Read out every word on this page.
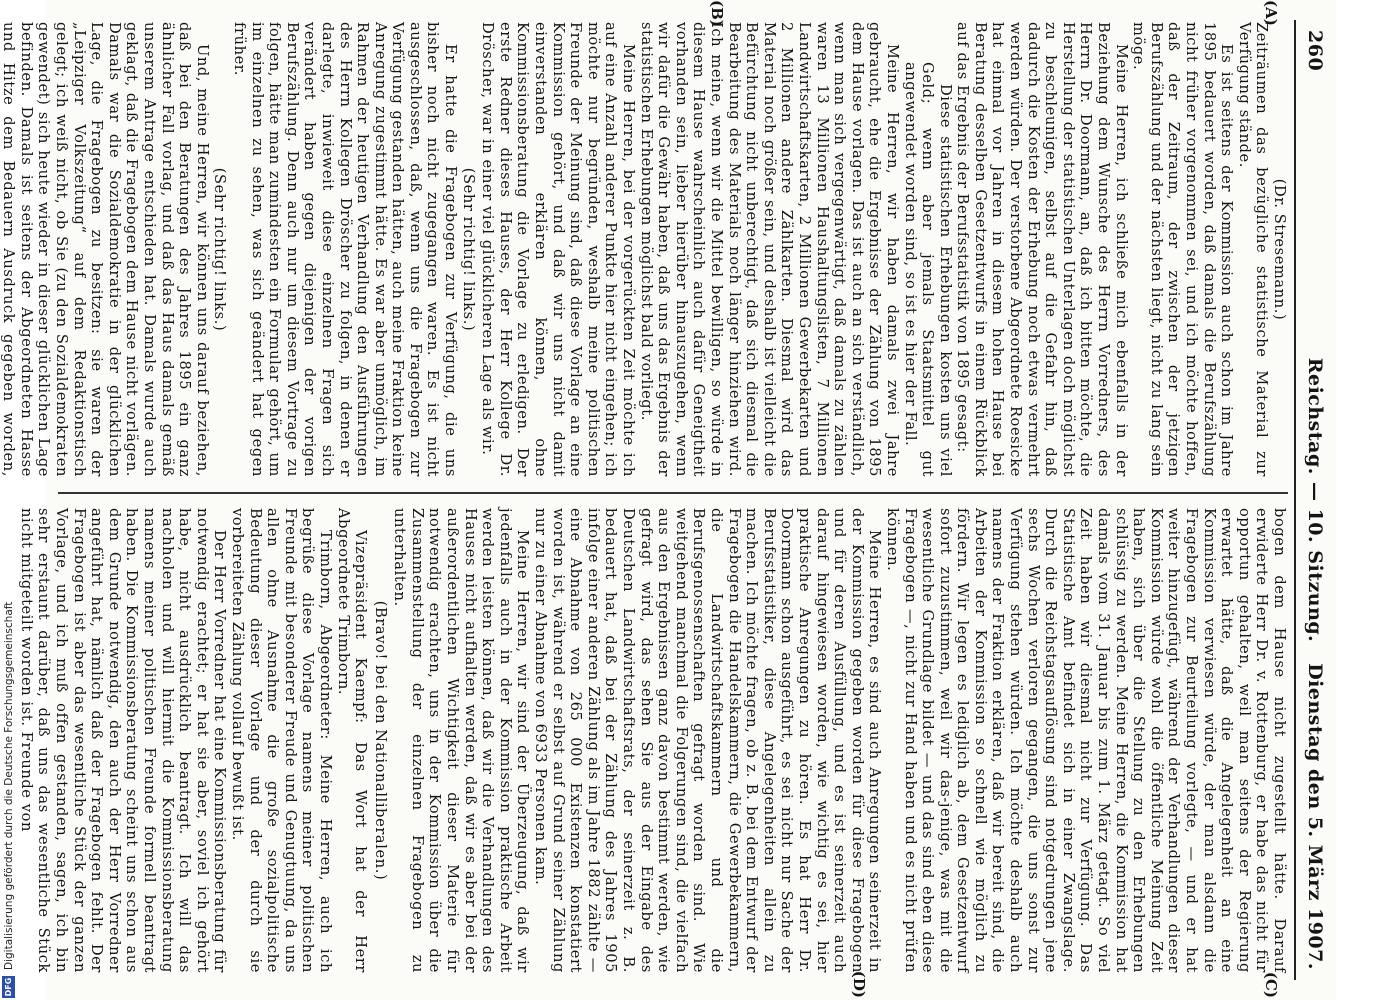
260
Reichstag. — 10. Sitzung.
Dienstag den 5. März 1907.
(A)
(B)
(C)
(D)

(Dr. Stresemann.)

Zeiträumen das bezügliche statistische Material zur Verfügung stände.

Es ist seitens der Kommission auch schon im Jahre 1895 bedauert worden, daß damals die Berufszählung nicht früher vorgenommen sei, und ich möchte hoffen, daß der Zeitraum, der zwischen der jetzigen Berufszählung und der nächsten liegt, nicht zu lang sein möge.

Meine Herren, ich schließe mich ebenfalls in der Beziehung dem Wunsche des Herrn Vorredners, des Herrn Dr. Doormann, an, daß ich bitten möchte, die Herstellung der statistischen Unterlagen doch möglichst zu beschleunigen, selbst auf die Gefahr hin, daß dadurch die Kosten der Erhebung noch etwas vermehrt werden würden. Der verstorbene Abgeordnete Roesicke hat einmal vor Jahren in diesem hohen Hause bei Beratung desselben Gesetzentwurfs in einem Rückblick auf das Ergebnis der Berufsstatistik von 1895 gesagt:

Diese statistischen Erhebungen kosten uns viel Geld; wenn aber jemals Staatsmittel gut angewendet worden sind, so ist es hier der Fall.

Meine Herren, wir haben damals zwei Jahre gebraucht, ehe die Ergebnisse der Zählung von 1895 dem Hause vorlagen. Das ist auch an sich verständlich, wenn man sich vergegenwärtigt, daß damals zu zählen waren 13 Millionen Haushaltungslisten, 7 Millionen Landwirtschaftskarten, 2 Millionen Gewerbekarten und 2 Millionen andere Zählkarten. Diesmal wird das Material noch größer sein, und deshalb ist vielleicht die Befürchtung nicht unberechtigt, daß sich diesmal die Bearbeitung des Materials noch länger hinziehen wird. Ich meine, wenn wir die Mittel bewilligen, so würde in diesem Hause wahrscheinlich auch dafür Geneigtheit vorhanden sein, lieber hierüber hinauszugehen, wenn wir dafür die Gewähr haben, daß uns das Ergebnis der statistischen Erhebungen möglichst bald vorliegt.

Meine Herren, bei der vorgerückten Zeit möchte ich auf eine Anzahl anderer Punkte hier nicht eingehen; ich möchte nur begründen, weshalb meine politischen Freunde der Meinung sind, daß diese Vorlage an eine Kommission gehört, und daß wir uns nicht damit einverstanden erklären können, ohne Kommissionsberatung die Vorlage zu erledigen. Der erste Redner dieses Hauses, der Herr Kollege Dr. Dröscher, war in einer viel glücklicheren Lage als wir.

(Sehr richtig! links.)

Er hatte die Fragebogen zur Verfügung, die uns bisher noch nicht zugegangen waren. Es ist nicht ausgeschlossen, daß, wenn uns die Fragebogen zur Verfügung gestanden hätten, auch meine Fraktion keine Anregung zugestimmt hätte. Es war aber unmöglich, im Rahmen der heutigen Verhandlung den Ausführungen des Herrn Kollegen Dröscher zu folgen, in denen er darlegte, inwieweit diese einzelnen Fragen sich verändert haben gegen diejenigen der vorigen Berufszählung. Denn auch nur um diesem Vortrage zu folgen, hätte man zumindesten ein Formular gehört, um im einzelnen zu sehen, was sich geändert hat gegen früher.

(Sehr richtig! links.)

Und, meine Herren, wir können uns darauf beziehen, daß bei den Beratungen des Jahres 1895 ein ganz ähnlicher Fall vorlag, und daß das Haus damals gemäß unserem Antrage entschieden hat. Damals wurde auch geklagt, daß die Fragebogen dem Hause nicht vorlägen. Damals war die Sozialdemokratie in der glücklichen Lage, die Fragebogen zu besitzen: sie waren der „Leipziger Volkszeitung“ auf dem Redaktionstisch gelegt; ich weiß nicht, ob Sie (zu den Sozialdemokraten gewendet) sich heute wieder in dieser glücklichen Lage befinden. Damals ist seitens der Abgeordneten Hasse und Hitze dem Bedauern Ausdruck gegeben worden,

bogen dem Hause nicht zugestellt hätte. Darauf erwiderte Herr Dr. v. Rottenburg, er habe das nicht für opportun gehalten, weil man seitens der Regierung erwartet hätte, daß die Angelegenheit an eine Kommission verwiesen würde, der man alsdann die Fragebogen zur Beurteilung vorlegte, — und er hat weiter hinzugefügt, während der Verhandlungen dieser Kommission würde wohl die öffentliche Meinung Zeit haben, sich über die Stellung zu den Erhebungen schlüssig zu werden. Meine Herren, die Kommission hat damals vom 31. Januar bis zum 1. März getagt. So viel Zeit haben wir diesmal nicht zur Verfügung. Das Statistische Amt befindet sich in einer Zwangslage. Durch die Reichstagsauflösung sind notgedrungen jene sechs Wochen verloren gegangen, die uns sonst zur Verfügung stehen würden. Ich möchte deshalb auch namens der Fraktion erklären, daß wir bereit sind, die Arbeiten der Kommission so schnell wie möglich zu fördern. Wir legen es lediglich ab, dem Gesetzentwurf sofort zuzustimmen, weil wir das-jenige, was mit die wesentliche Grundlage bildet — und das sind eben diese Fragebogen —, nicht zur Hand haben und es nicht prüfen können.

Meine Herren, es sind auch Anregungen seinerzeit in der Kommission gegeben worden für diese Fragebogen und für deren Ausfüllung, und es ist seinerzeit auch darauf hingewiesen worden, wie wichtig es sei, hier praktische Anregungen zu hören. Es hat Herr Dr. Doormann schon ausgeführt, es sei nicht nur Sache der Berufsstatistiker, diese Angelegenheiten allein zu machen. Ich möchte fragen, ob z. B. bei dem Entwurf der Fragebogen die Handelskammern, die Gewerbekammern, die Landwirtschaftskammern und die Berufsgenossenschaften gefragt worden sind. Wie weitgehend manchmal die Folgerungen sind, die vielfach aus den Ergebnissen ganz davon bestimmt werden, wie gefragt wird, das sehen Sie aus der Eingabe des Deutschen Landwirtschaftsrats, der seinerzeit z. B. bedauert hat, daß bei der Zählung des Jahres 1905 infolge einer anderen Zählung als im Jahre 1882 zählte — eine Abnahme von 265 000 Existenzen konstatiert worden ist, während er selbst auf Grund seiner Zählung nur zu einer Abnahme von 6933 Personen kam.

Meine Herren, wir sind der Überzeugung, daß wir jedenfalls auch in der Kommission praktische Arbeit werden leisten können, daß wir die Verhandlungen des Hauses nicht aufhalten werden, daß wir es aber bei der außerordentlichen Wichtigkeit dieser Materie für notwendig erachten, uns in der Kommission über die Zusammenstellung der einzelnen Fragebogen zu unterhalten.

(Bravo! bei den Nationalliberalen.)

Vizepräsident Kaempf: Das Wort hat der Herr Abgeordnete Trimborn.

Trimborn, Abgeordneter: Meine Herren, auch ich begrüße diese Vorlage namens meiner politischen Freunde mit besonderer Freude und Genugtuung, da uns allen ohne Ausnahme die große sozialpolitische Bedeutung dieser Vorlage und der durch sie vorbereiteten Zählung vollauf bewußt ist.

Der Herr Vorredner hat eine Kommissionsberatung für notwendig erachtet; er hat sie aber, soviel ich gehört habe, nicht ausdrücklich beantragt. Ich will das nachholen und will hiermit die Kommissionsberatung namens meiner politischen Freunde formell beantragt haben. Die Kommissionsberatung scheint uns schon aus dem Grunde notwendig, den auch der Herr Vorredner angeführt hat, nämlich daß der Fragebogen fehlt. Der Fragebogen ist aber das wesentliche Stück der ganzen Vorlage, und ich muß offen gestanden, sagen, ich bin sehr erstaunt darüber, daß uns das wesentliche Stück nicht mitgeteilt worden ist. Freunde von

DFG
Digitalisierung gefördert durch die Deutsche Forschungsgemeinschaft
